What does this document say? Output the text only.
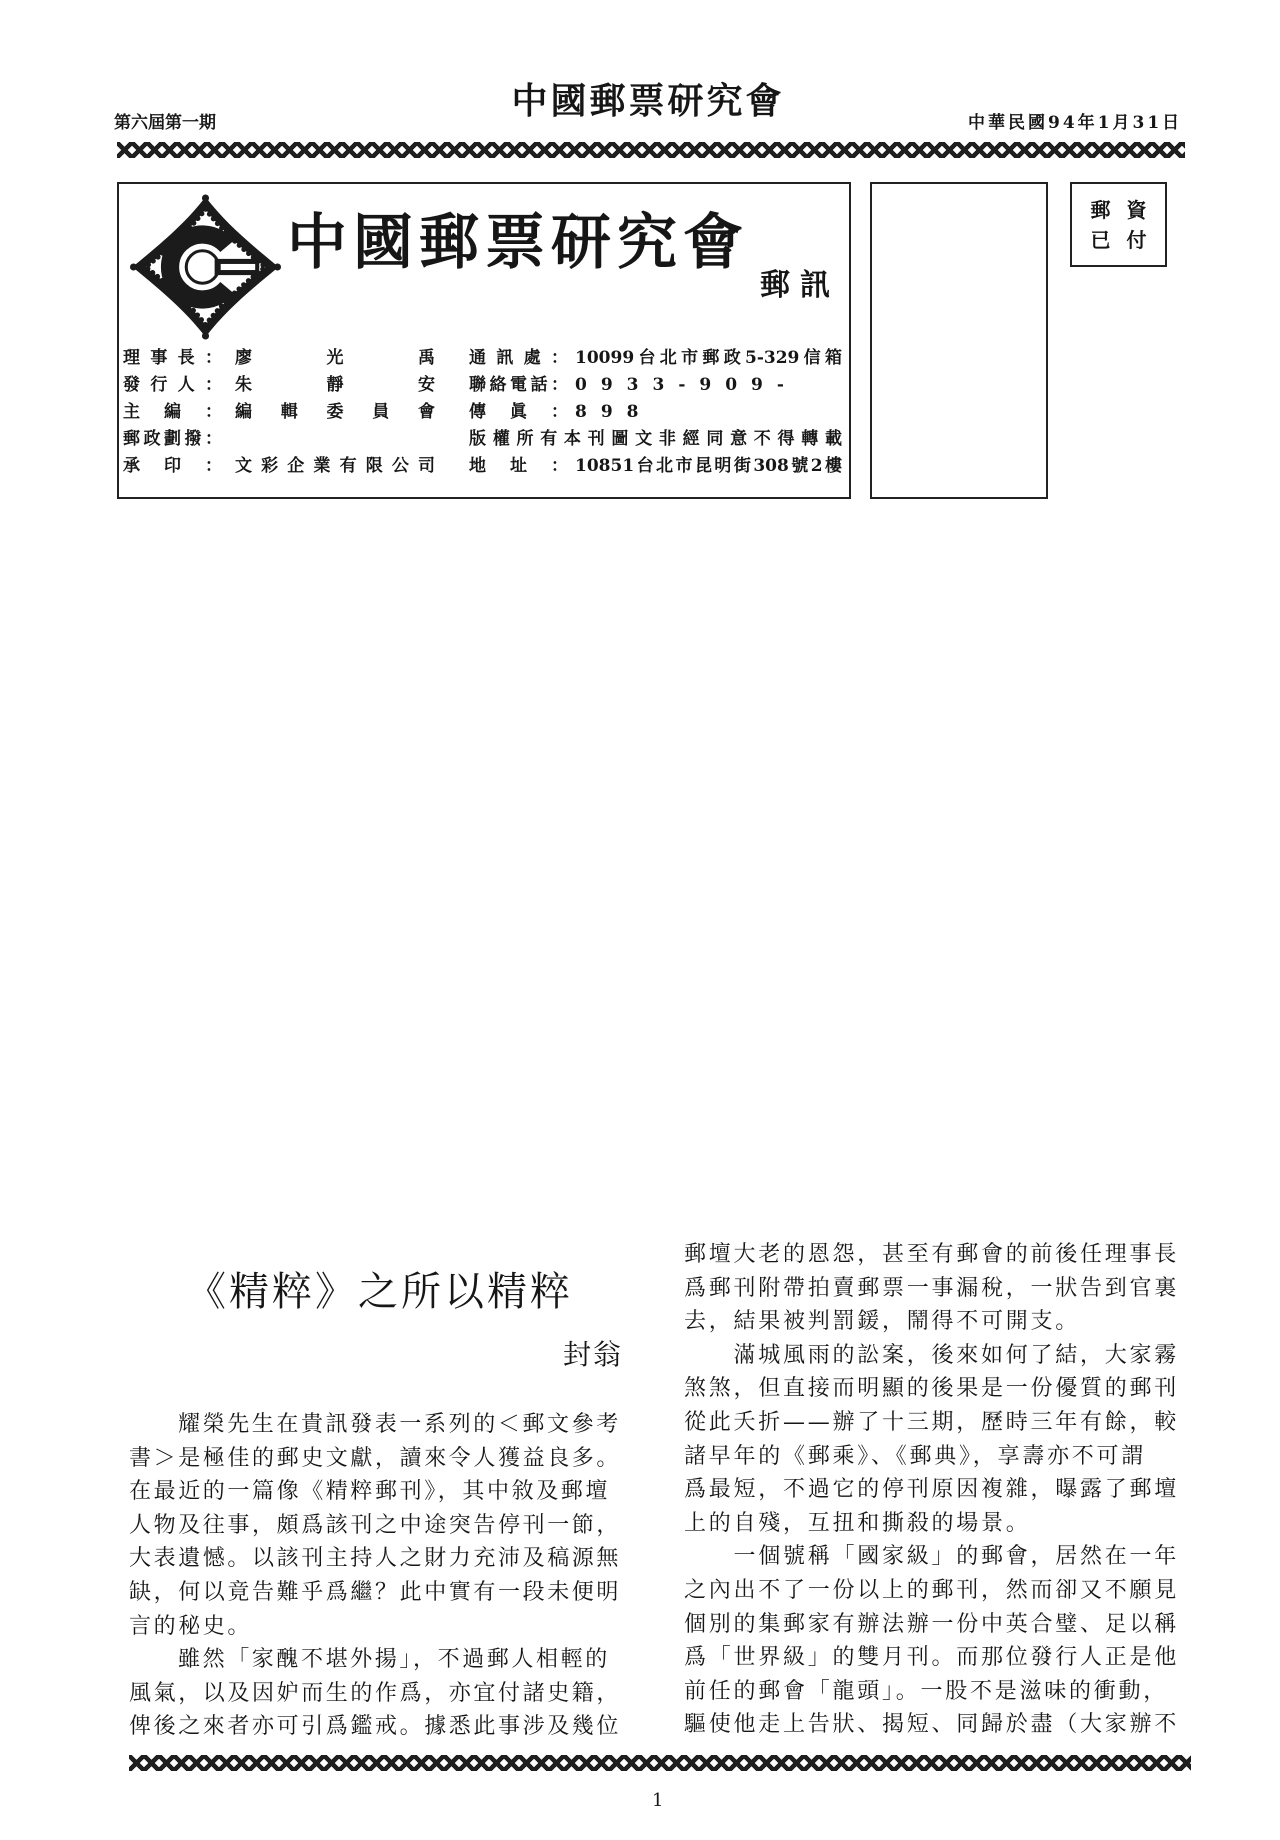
第六屆第一期
中國郵票研究會
中華民國94年1月31日
中國郵票研究會
郵訊
理事長： 廖光禹 通訊處： 10099台北市郵政5-329信箱
發行人： 朱靜安 聯絡電話： 0933-909-898
主編： 編輯委員會 傳眞：
郵政劃撥：	版權所有本刊圖文非經同意不得轉載
承印： 文彩企業有限公司 地址： 10851台北市昆明街308號2樓
郵資
已付
《精粹》之所以精粹
封翁
耀榮先生在貴訊發表一系列的＜郵文參考
書＞是極佳的郵史文獻，讀來令人獲益良多。
在最近的一篇像《精粹郵刊》，其中敘及郵壇
人物及往事，頗爲該刊之中途突告停刊一節，
大表遺憾。以該刊主持人之財力充沛及稿源無
缺，何以竟告難乎爲繼？此中實有一段未便明
言的秘史。
雖然「家醜不堪外揚」，不過郵人相輕的
風氣，以及因妒而生的作爲，亦宜付諸史籍，
俾後之來者亦可引爲鑑戒。據悉此事涉及幾位
郵壇大老的恩怨，甚至有郵會的前後任理事長
爲郵刊附帶拍賣郵票一事漏稅，一狀告到官裏
去，結果被判罰鍰，鬧得不可開支。
滿城風雨的訟案，後來如何了結，大家霧
煞煞，但直接而明顯的後果是一份優質的郵刊
從此夭折——辦了十三期，歷時三年有餘，較
諸早年的《郵乘》、《郵典》，享壽亦不可謂
爲最短，不過它的停刊原因複雜，曝露了郵壇
上的自殘，互扭和撕殺的場景。
一個號稱「國家級」的郵會，居然在一年
之內出不了一份以上的郵刊，然而卻又不願見
個別的集郵家有辦法辦一份中英合璧、足以稱
爲「世界級」的雙月刊。而那位發行人正是他
前任的郵會「龍頭」。一股不是滋味的衝動，
驅使他走上告狀、揭短、同歸於盡（大家辦不
1
